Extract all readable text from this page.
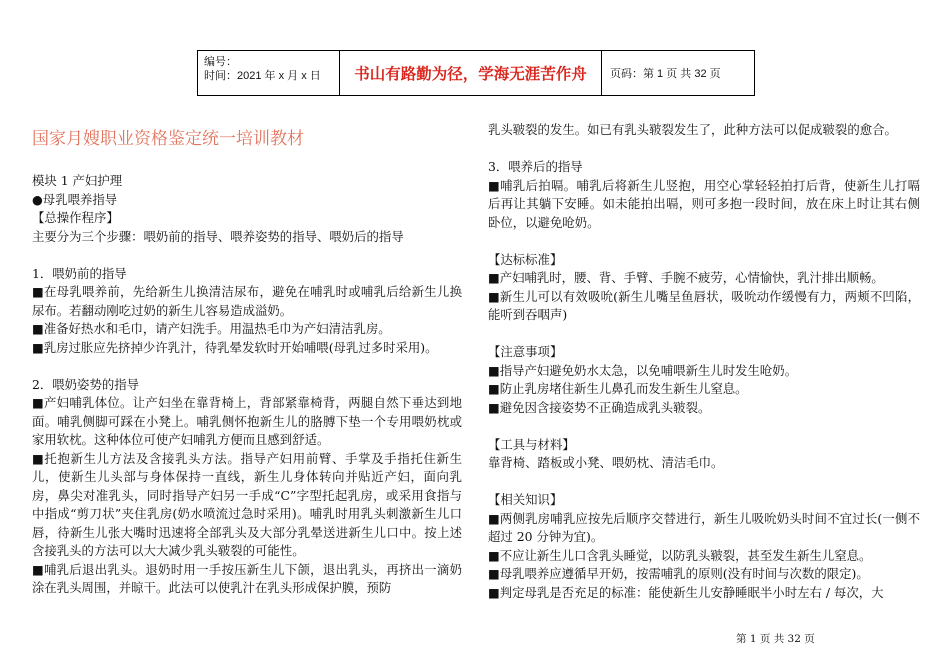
编号：
时间：2021 年 x 月 x 日	书山有路勤为径，学海无涯苦作舟	页码：第 1 页 共 32 页

国家月嫂职业资格鉴定统一培训教材

模块 1 产妇护理

●母乳喂养指导

【总操作程序】

主要分为三个步骤：喂奶前的指导、喂养姿势的指导、喂奶后的指导

1．喂奶前的指导

■ 在母乳喂养前，先给新生儿换清洁尿布，避免在哺乳时或哺乳后给新生儿换尿布。若翻动刚吃过奶的新生儿容易造成溢奶。

■ 准备好热水和毛巾，请产妇洗手。用温热毛巾为产妇清洁乳房。

■ 乳房过胀应先挤掉少许乳汁，待乳晕发软时开始哺喂(母乳过多时采用)。

2．喂奶姿势的指导

■ 产妇哺乳体位。让产妇坐在靠背椅上，背部紧靠椅背，两腿自然下垂达到地面。哺乳侧脚可踩在小凳上。哺乳侧怀抱新生儿的胳膊下垫一个专用喂奶枕或家用软枕。这种体位可使产妇哺乳方便而且感到舒适。

■ 托抱新生儿方法及含接乳头方法。指导产妇用前臂、手掌及手指托住新生儿，使新生儿头部与身体保持一直线，新生儿身体转向并贴近产妇，面向乳房，鼻尖对准乳头，同时指导产妇另一手成“C”字型托起乳房，或采用食指与中指成“剪刀状”夹住乳房(奶水喷流过急时采用)。哺乳时用乳头刺激新生儿口唇，待新生儿张大嘴时迅速将全部乳头及大部分乳晕送进新生儿口中。按上述含接乳头的方法可以大大减少乳头皲裂的可能性。

■ 哺乳后退出乳头。退奶时用一手按压新生儿下颌，退出乳头，再挤出一滴奶涂在乳头周围，并晾干。此法可以使乳汁在乳头形成保护膜，预防

乳头皲裂的发生。如已有乳头皲裂发生了，此种方法可以促成皲裂的愈合。

3．喂养后的指导

■ 哺乳后拍嗝。哺乳后将新生儿竖抱，用空心掌轻轻拍打后背，使新生儿打嗝后再让其躺下安睡。如未能拍出嗝，则可多抱一段时间，放在床上时让其右侧卧位，以避免呛奶。

【达标标准】

■ 产妇哺乳时，腰、背、手臂、手腕不疲劳，心情愉快，乳汁排出顺畅。

■ 新生儿可以有效吸吮(新生儿嘴呈鱼唇状，吸吮动作缓慢有力，两颊不凹陷，能听到吞咽声)

【注意事项】

■ 指导产妇避免奶水太急，以免哺喂新生儿时发生呛奶。

■ 防止乳房堵住新生儿鼻孔而发生新生儿窒息。

■ 避免因含接姿势不正确造成乳头皲裂。

【工具与材料】

靠背椅、踏板或小凳、喂奶枕、清洁毛巾。

【相关知识】

■ 两侧乳房哺乳应按先后顺序交替进行，新生儿吸吮奶头时间不宜过长(一侧不超过 20 分钟为宜)。

■ 不应让新生儿口含乳头睡觉，以防乳头皲裂，甚至发生新生儿窒息。

■ 母乳喂养应遵循早开奶，按需哺乳的原则(没有时间与次数的限定)。

■ 判定母乳是否充足的标准：能使新生儿安静睡眠半小时左右 / 每次，大

第 1 页 共 32 页
